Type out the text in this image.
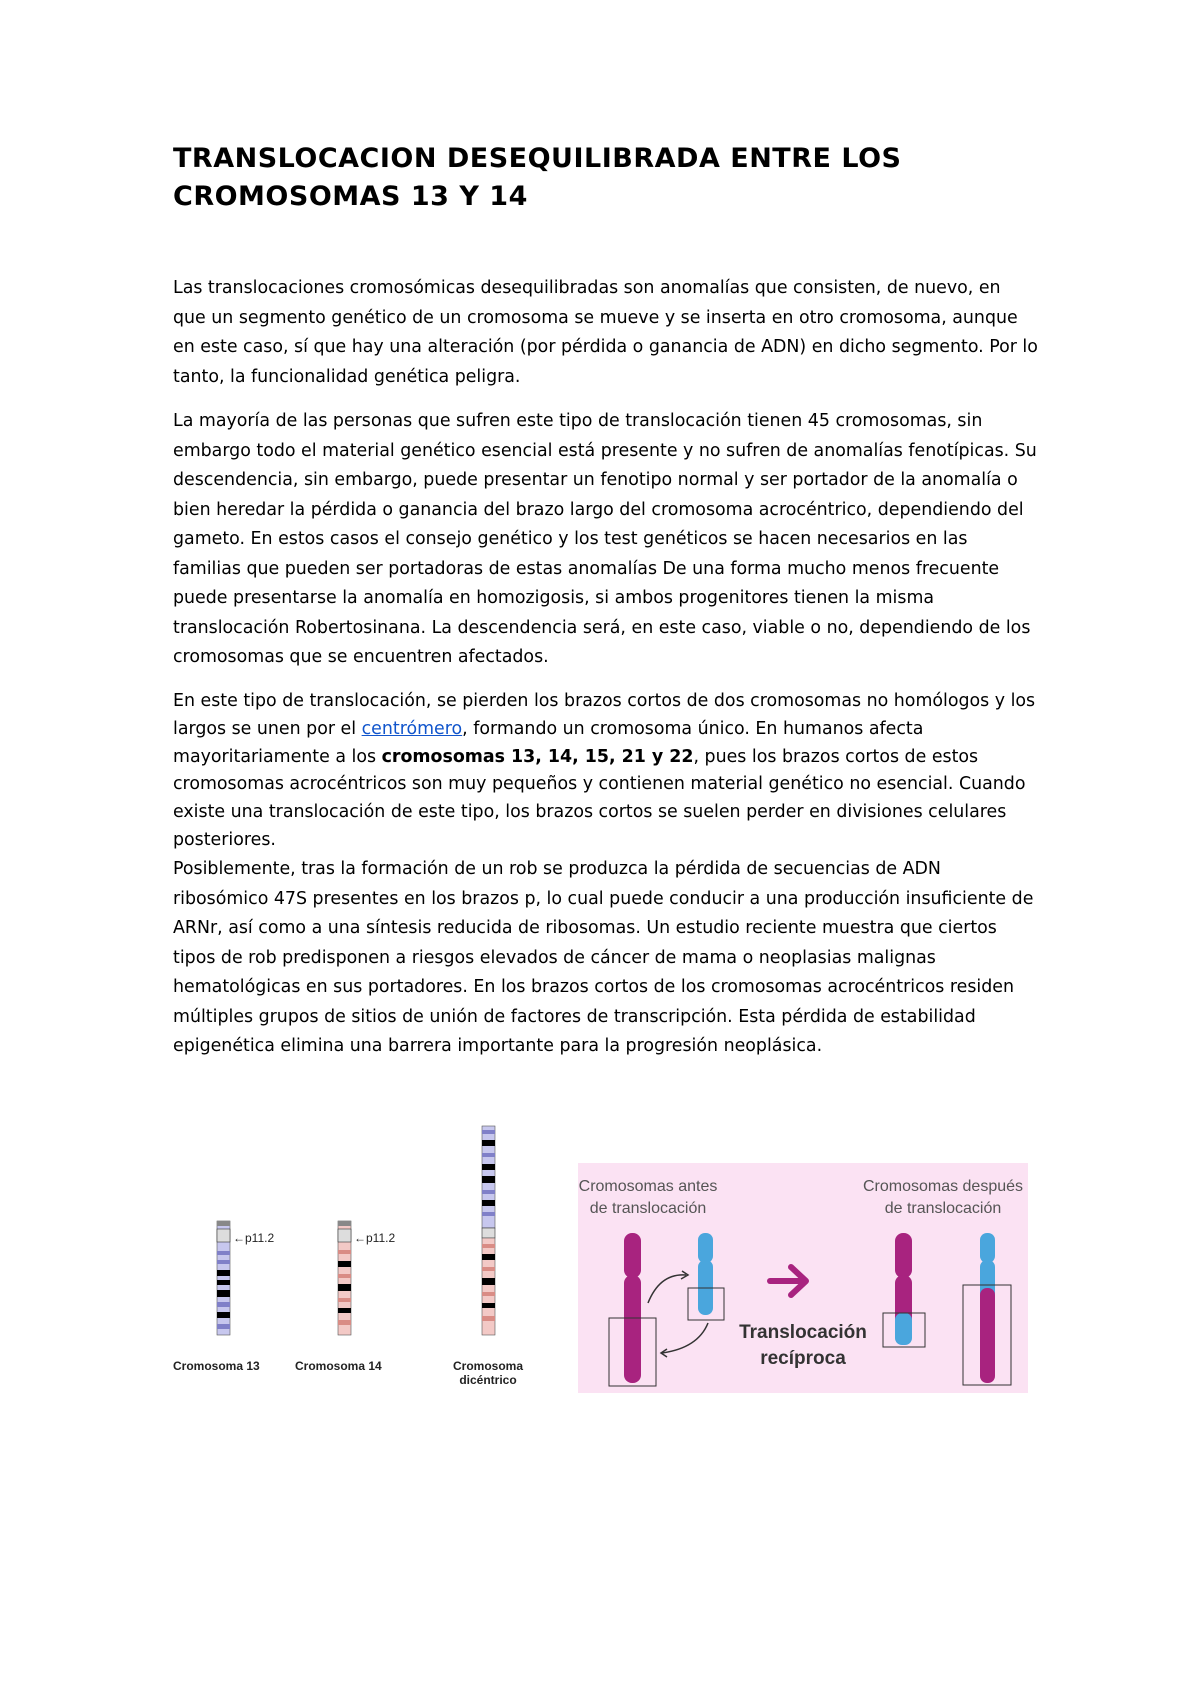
TRANSLOCACION DESEQUILIBRADA ENTRE LOS
CROMOSOMAS 13 Y 14

Las translocaciones cromosómicas desequilibradas son anomalías que consisten, de nuevo, en que un segmento genético de un cromosoma se mueve y se inserta en otro cromosoma, aunque en este caso, sí que hay una alteración (por pérdida o ganancia de ADN) en dicho segmento. Por lo tanto, la funcionalidad genética peligra.

La mayoría de las personas que sufren este tipo de translocación tienen 45 cromosomas, sin embargo todo el material genético esencial está presente y no sufren de anomalías fenotípicas. Su descendencia, sin embargo, puede presentar un fenotipo normal y ser portador de la anomalía o bien heredar la pérdida o ganancia del brazo largo del cromosoma acrocéntrico, dependiendo del gameto. En estos casos el consejo genético y los test genéticos se hacen necesarios en las familias que pueden ser portadoras de estas anomalías De una forma mucho menos frecuente puede presentarse la anomalía en homozigosis, si ambos progenitores tienen la misma translocación Robertosinana. La descendencia será, en este caso, viable o no, dependiendo de los cromosomas que se encuentren afectados.

En este tipo de translocación, se pierden los brazos cortos de dos cromosomas no homólogos y los largos se unen por el centrómero, formando un cromosoma único. En humanos afecta mayoritariamente a los cromosomas 13, 14, 15, 21 y 22, pues los brazos cortos de estos cromosomas acrocéntricos son muy pequeños y contienen material genético no esencial. Cuando existe una translocación de este tipo, los brazos cortos se suelen perder en divisiones celulares posteriores.

Posiblemente, tras la formación de un rob se produzca la pérdida de secuencias de ADN ribosómico 47S presentes en los brazos p, lo cual puede conducir a una producción insuficiente de ARNr, así como a una síntesis reducida de ribosomas. Un estudio reciente muestra que ciertos tipos de rob predisponen a riesgos elevados de cáncer de mama o neoplasias malignas hematológicas en sus portadores. En los brazos cortos de los cromosomas acrocéntricos residen múltiples grupos de sitios de unión de factores de transcripción. Esta pérdida de estabilidad epigenética elimina una barrera importante para la progresión neoplásica.

←p11.2	←p11.2
Cromosoma 13	Cromosoma 14	Cromosoma
dicéntrico
Cromosomas antes
de translocación
Cromosomas después
de translocación
Translocación
recíproca
